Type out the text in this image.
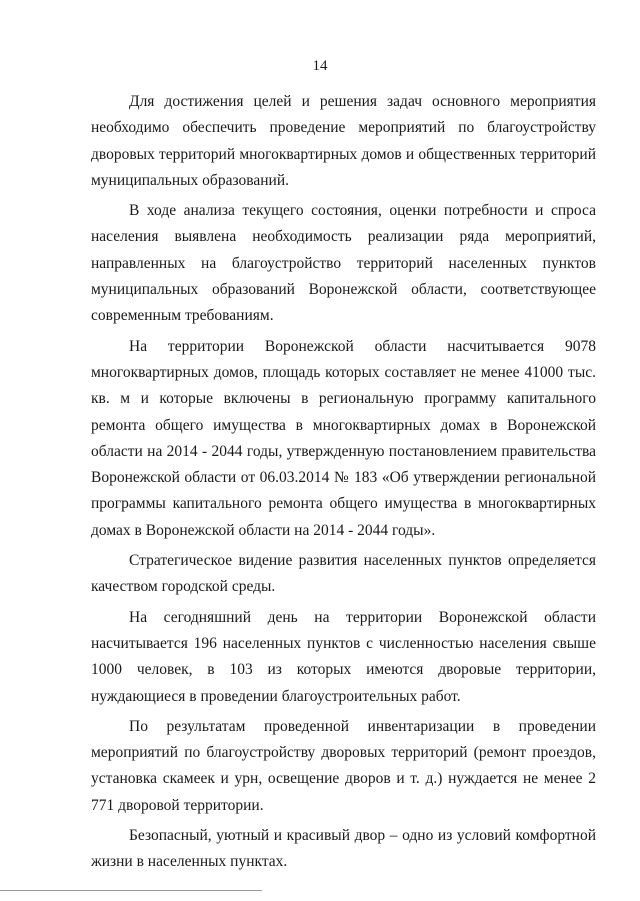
14

Для достижения целей и решения задач основного мероприятия необходимо обеспечить проведение мероприятий по благоустройству дворовых территорий многоквартирных домов и общественных территорий муниципальных образований.

В ходе анализа текущего состояния, оценки потребности и спроса населения выявлена необходимость реализации ряда мероприятий, направленных на благоустройство территорий населенных пунктов муниципальных образований Воронежской области, соответствующее современным требованиям.

На территории Воронежской области насчитывается 9078 многоквартирных домов, площадь которых составляет не менее 41000 тыс. кв. м и которые включены в региональную программу капитального ремонта общего имущества в многоквартирных домах в Воронежской области на 2014 - 2044 годы, утвержденную постановлением правительства Воронежской области от 06.03.2014 № 183 «Об утверждении региональной программы капитального ремонта общего имущества в многоквартирных домах в Воронежской области на 2014 - 2044 годы».

Стратегическое видение развития населенных пунктов определяется качеством городской среды.

На сегодняшний день на территории Воронежской области насчитывается 196 населенных пунктов с численностью населения свыше 1000 человек, в 103 из которых имеются дворовые территории, нуждающиеся в проведении благоустроительных работ.

По результатам проведенной инвентаризации в проведении мероприятий по благоустройству дворовых территорий (ремонт проездов, установка скамеек и урн, освещение дворов и т. д.) нуждается не менее 2 771 дворовой территории.

Безопасный, уютный и красивый двор – одно из условий комфортной жизни в населенных пунктах.
